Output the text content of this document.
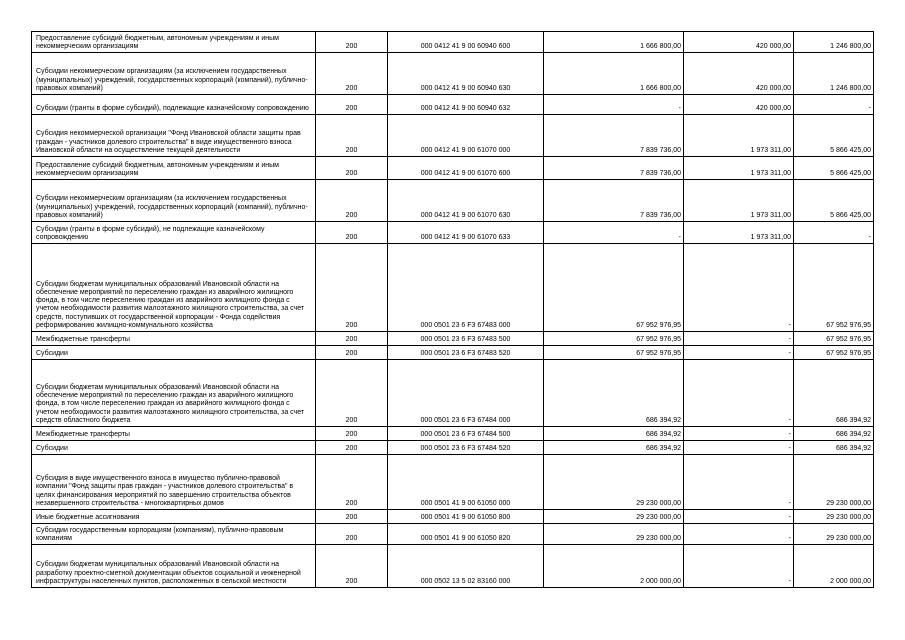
Предоставление субсидий бюджетным, автономным учреждениям и иным некоммерческим организациям	200	000 0412 41 9 00 60940 600	1 666 800,00	420 000,00	1 246 800,00
Субсидии некоммерческим организациям (за исключением государственных (муниципальных) учреждений, государственных корпораций (компаний), публично-правовых компаний)	200	000 0412 41 9 00 60940 630	1 666 800,00	420 000,00	1 246 800,00
Субсидии (гранты в форме субсидий), подлежащие казначейскому сопровождению	200	000 0412 41 9 00 60940 632	-	420 000,00	-
Субсидия некоммерческой организации "Фонд Ивановской области защиты прав граждан - участников долевого строительства" в виде имущественного взноса Ивановской области на осуществление текущей деятельности	200	000 0412 41 9 00 61070 000	7 839 736,00	1 973 311,00	5 866 425,00
Предоставление субсидий бюджетным, автономным учреждениям и иным некоммерческим организациям	200	000 0412 41 9 00 61070 600	7 839 736,00	1 973 311,00	5 866 425,00
Субсидии некоммерческим организациям (за исключением государственных (муниципальных) учреждений, государственных корпораций (компаний), публично-правовых компаний)	200	000 0412 41 9 00 61070 630	7 839 736,00	1 973 311,00	5 866 425,00
Субсидии (гранты в форме субсидий), не подлежащие казначейскому сопровождению	200	000 0412 41 9 00 61070 633	-	1 973 311,00	-
Субсидии бюджетам муниципальных образований Ивановской области на обеспечение мероприятий по переселению граждан из аварийного жилищного фонда, в том числе переселению граждан из аварийного жилищного фонда с учетом необходимости развития малоэтажного жилищного строительства, за счет средств, поступивших от государственной корпорации - Фонда содействия реформированию жилищно-коммунального хозяйства	200	000 0501 23 6 F3 67483 000	67 952 976,95	-	67 952 976,95
Межбюджетные трансферты	200	000 0501 23 6 F3 67483 500	67 952 976,95	-	67 952 976,95
Субсидии	200	000 0501 23 6 F3 67483 520	67 952 976,95	-	67 952 976,95
Субсидии бюджетам муниципальных образований Ивановской области на обеспечение мероприятий по переселению граждан из аварийного жилищного фонда, в том числе переселению граждан из аварийного жилищного фонда с учетом необходимости развития малоэтажного жилищного строительства, за счет средств областного бюджета	200	000 0501 23 6 F3 67484 000	686 394,92	-	686 394,92
Межбюджетные трансферты	200	000 0501 23 6 F3 67484 500	686 394,92	-	686 394,92
Субсидии	200	000 0501 23 6 F3 67484 520	686 394,92	-	686 394,92
Субсидия в виде имущественного взноса в имущество публично-правовой компании "Фонд защиты прав граждан - участников долевого строительства" в целях финансирования мероприятий по завершению строительства объектов незавершенного строительства - многоквартирных домов	200	000 0501 41 9 00 61050 000	29 230 000,00	-	29 230 000,00
Иные бюджетные ассигнования	200	000 0501 41 9 00 61050 800	29 230 000,00	-	29 230 000,00
Субсидии государственным корпорациям (компаниям), публично-правовым компаниям	200	000 0501 41 9 00 61050 820	29 230 000,00	-	29 230 000,00
Субсидии бюджетам муниципальных образований Ивановской области на разработку проектно-сметной документации объектов социальной и инженерной инфраструктуры населенных пунктов, расположенных в сельской местности	200	000 0502 13 5 02 83160 000	2 000 000,00	-	2 000 000,00
